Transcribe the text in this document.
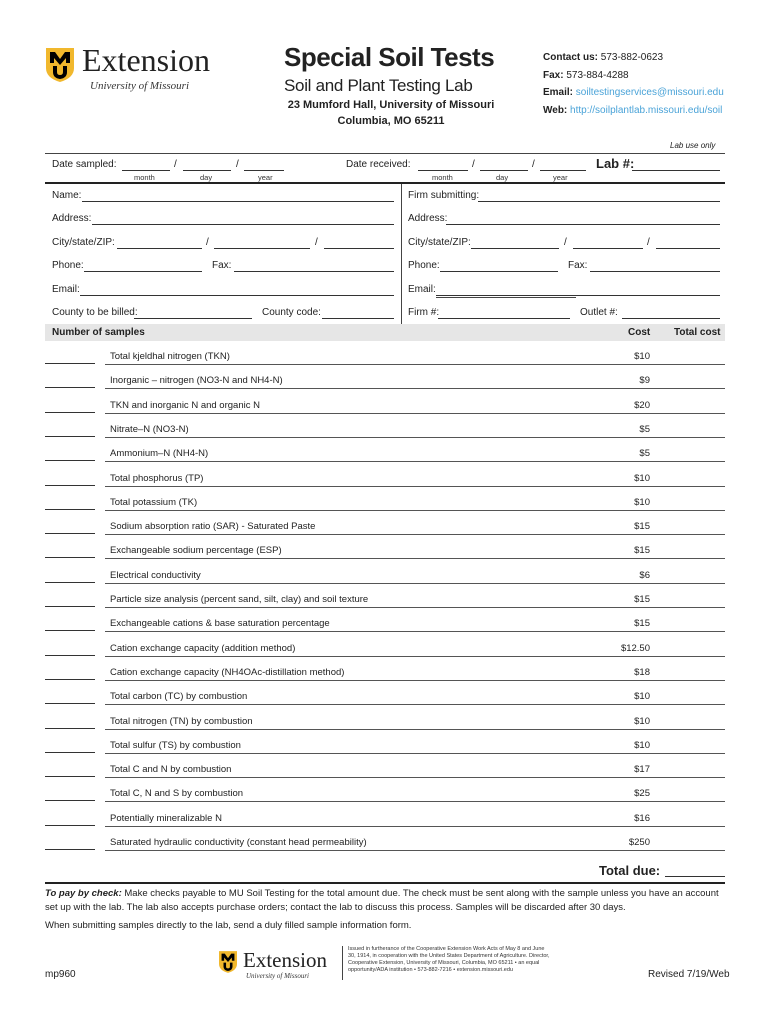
Extension
University of Missouri
Special Soil Tests
Soil and Plant Testing Lab
23 Mumford Hall, University of Missouri
Columbia, MO 65211
Contact us: 573-882-0623
Fax: 573-884-4288
Email: soiltestingservices@missouri.edu
Web: http://soilplantlab.missouri.edu/soil
Lab use only
Date sampled:	/	/
month	day	year
Date received:	/	/
month	day	year
Lab #:
Name:
Address:
City/state/ZIP:	/	/
Phone:	Fax:
Email:
County to be billed:	County code:
Firm submitting:
Address:
City/state/ZIP:	/	/
Phone:	Fax:
Email:
Firm #:	Outlet #:
Number of samples	Cost Total cost
Total kjeldhal nitrogen (TKN)	$10
Inorganic – nitrogen (NO3-N and NH4-N)	$9
TKN and inorganic N and organic N	$20
Nitrate–N (NO3-N)	$5
Ammonium–N (NH4-N)	$5
Total phosphorus (TP)	$10
Total potassium (TK)	$10
Sodium absorption ratio (SAR) - Saturated Paste	$15
Exchangeable sodium percentage (ESP)	$15
Electrical conductivity	$6
Particle size analysis (percent sand, silt, clay) and soil texture	$15
Exchangeable cations & base saturation percentage	$15
Cation exchange capacity (addition method)	$12.50
Cation exchange capacity (NH4OAc-distillation method)	$18
Total carbon (TC) by combustion	$10
Total nitrogen (TN) by combustion	$10
Total sulfur (TS) by combustion	$10
Total C and N by combustion	$17
Total C, N and S by combustion	$25
Potentially mineralizable N	$16
Saturated hydraulic conductivity (constant head permeability)	$250
Total due:
To pay by check: Make checks payable to MU Soil Testing for the total amount due. The check must be sent along with the sample unless you have an account set up with the lab. The lab also accepts purchase orders; contact the lab to discuss this process. Samples will be discarded after 30 days.
When submitting samples directly to the lab, send a duly filled sample information form.
Extension
University of Missouri
Issued in furtherance of the Cooperative Extension Work Acts of May 8 and June 30, 1914, in cooperation with the United States Department of Agriculture. Director, Cooperative Extension, University of Missouri, Columbia, MO 65211 • an equal opportunity/ADA institution • 573-882-7216 • extension.missouri.edu
mp960	Revised 7/19/Web
